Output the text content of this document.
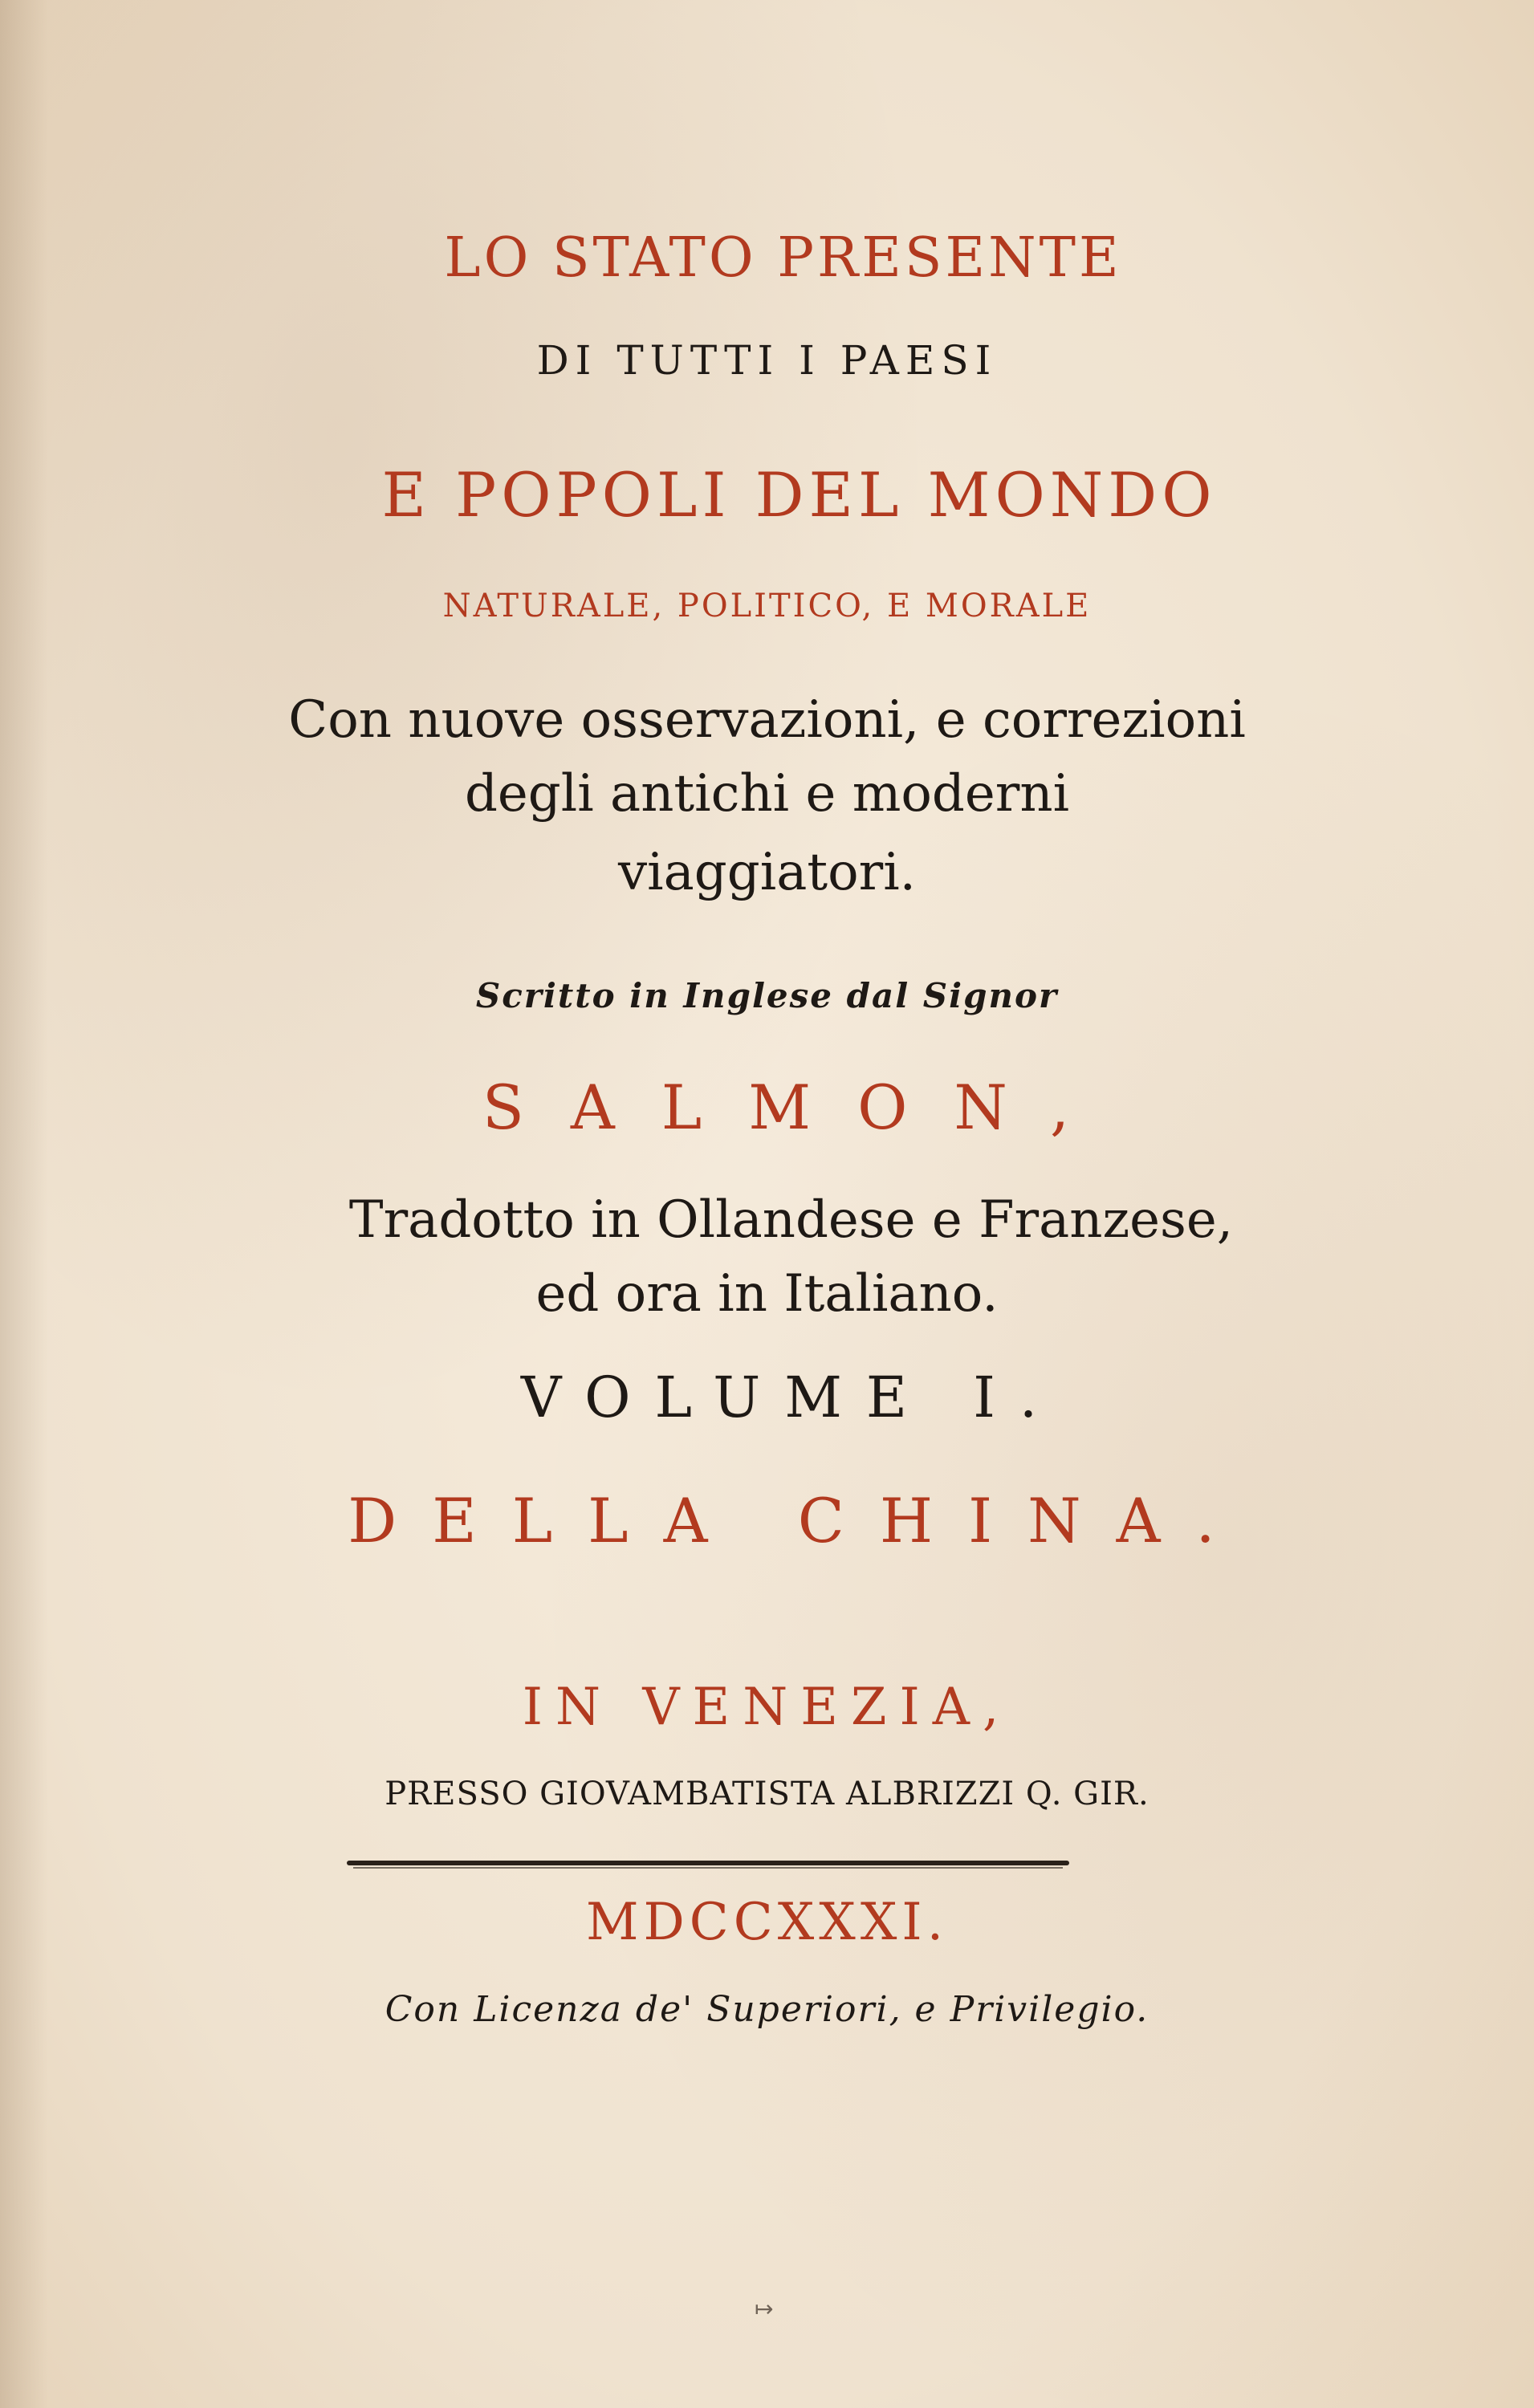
LO STATO PRESENTE
DI TUTTI I PAESI
E POPOLI DEL MONDO
NATURALE, POLITICO, E MORALE
Con nuove osservazioni, e correzioni
degli antichi e moderni
viaggiatori.
Scritto in Inglese dal Signor
SALMON,
Tradotto in Ollandese e Franzese,
ed ora in Italiano.
VOLUME I.
DELLA CHINA.
IN VENEZIA,
PRESSO GIOVAMBATISTA ALBRIZZI Q. GIR.
MDCCXXXI.
Con Licenza de' Superiori, e Privilegio.
↦
